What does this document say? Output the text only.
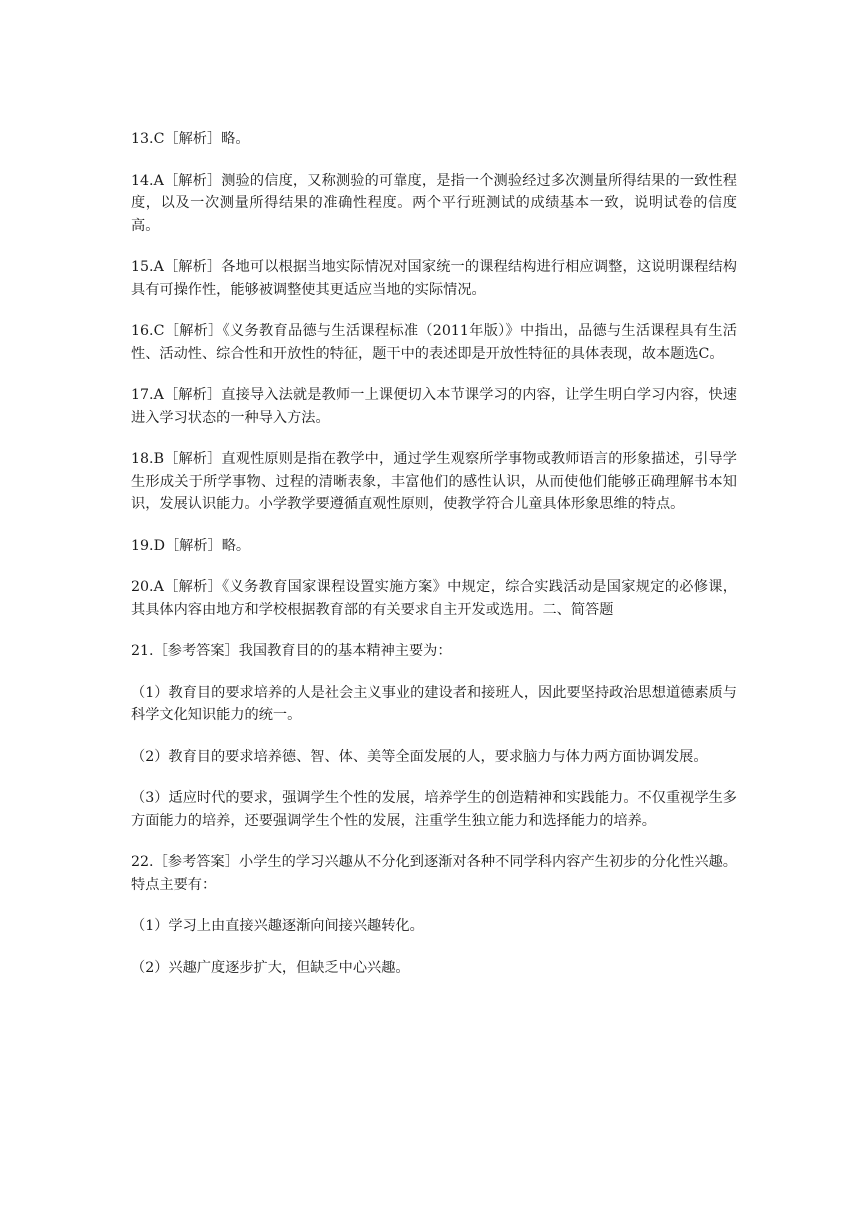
13.C［解析］略。

14.A［解析］测验的信度，又称测验的可靠度，是指一个测验经过多次测量所得结果的一致性程度，以及一次测量所得结果的准确性程度。两个平行班测试的成绩基本一致，说明试卷的信度高。

15.A［解析］各地可以根据当地实际情况对国家统一的课程结构进行相应调整，这说明课程结构具有可操作性，能够被调整使其更适应当地的实际情况。

16.C［解析］《义务教育品德与生活课程标准（2011年版）》中指出，品德与生活课程具有生活性、活动性、综合性和开放性的特征，题干中的表述即是开放性特征的具体表现，故本题选C。

17.A［解析］直接导入法就是教师一上课便切入本节课学习的内容，让学生明白学习内容，快速进入学习状态的一种导入方法。

18.B［解析］直观性原则是指在教学中，通过学生观察所学事物或教师语言的形象描述，引导学生形成关于所学事物、过程的清晰表象，丰富他们的感性认识，从而使他们能够正确理解书本知识，发展认识能力。小学教学要遵循直观性原则，使教学符合儿童具体形象思维的特点。

19.D［解析］略。

20.A［解析］《义务教育国家课程设置实施方案》中规定，综合实践活动是国家规定的必修课，其具体内容由地方和学校根据教育部的有关要求自主开发或选用。二、简答题

21.［参考答案］我国教育目的的基本精神主要为：

（1）教育目的要求培养的人是社会主义事业的建设者和接班人，因此要坚持政治思想道德素质与科学文化知识能力的统一。

（2）教育目的要求培养德、智、体、美等全面发展的人，要求脑力与体力两方面协调发展。

（3）适应时代的要求，强调学生个性的发展，培养学生的创造精神和实践能力。不仅重视学生多方面能力的培养，还要强调学生个性的发展，注重学生独立能力和选择能力的培养。

22.［参考答案］小学生的学习兴趣从不分化到逐渐对各种不同学科内容产生初步的分化性兴趣。特点主要有：

（1）学习上由直接兴趣逐渐向间接兴趣转化。

（2）兴趣广度逐步扩大，但缺乏中心兴趣。
